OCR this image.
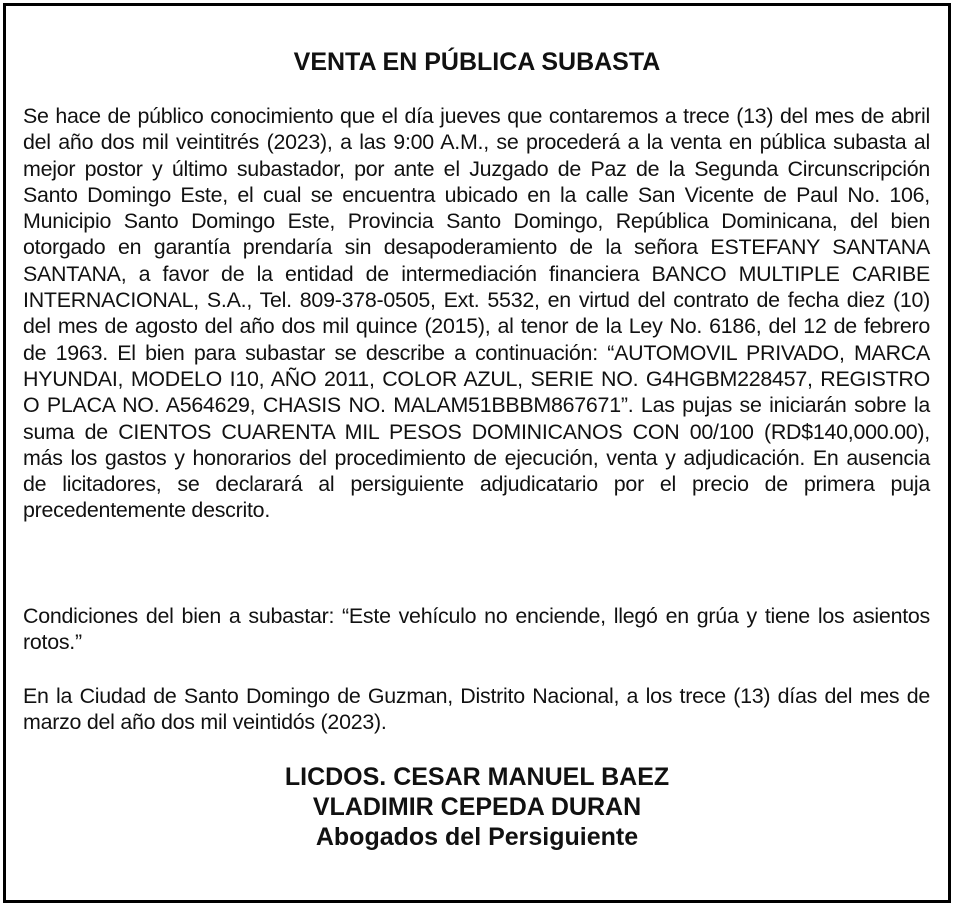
VENTA EN PÚBLICA SUBASTA

Se hace de público conocimiento que el día jueves que contaremos a trece (13) del mes de abril del año dos mil veintitrés (2023), a las 9:00 A.M., se procederá a la venta en pública subasta al mejor postor y último subastador, por ante el Juzgado de Paz de la Segunda Circunscripción Santo Domingo Este, el cual se encuentra ubicado en la calle San Vicente de Paul No. 106, Municipio Santo Domingo Este, Provincia Santo Domingo, República Dominicana, del bien otorgado en garantía prendaría sin desapoderamiento de la señora ESTEFANY SANTANA SANTANA, a favor de la entidad de intermediación financiera BANCO MULTIPLE CARIBE INTERNACIONAL, S.A., Tel. 809-378-0505, Ext. 5532, en virtud del contrato de fecha diez (10) del mes de agosto del año dos mil quince (2015), al tenor de la Ley No. 6186, del 12 de febrero de 1963. El bien para subastar se describe a continuación: “AUTOMOVIL PRIVADO, MARCA HYUNDAI, MODELO I10, AÑO 2011, COLOR AZUL, SERIE NO. G4HGBM228457, REGISTRO O PLACA NO. A564629, CHASIS NO. MALAM51BBBM867671”. Las pujas se iniciarán sobre la suma de CIENTOS CUARENTA MIL PESOS DOMINICANOS CON 00/100 (RD$140,000.00), más los gastos y honorarios del procedimiento de ejecución, venta y adjudicación. En ausencia de licitadores, se declarará al persiguiente adjudicatario por el precio de primera puja precedentemente descrito.

Condiciones del bien a subastar: “Este vehículo no enciende, llegó en grúa y tiene los asientos rotos.”

En la Ciudad de Santo Domingo de Guzman, Distrito Nacional, a los trece (13) días del mes de marzo del año dos mil veintidós (2023).

LICDOS. CESAR MANUEL BAEZ
VLADIMIR CEPEDA DURAN
Abogados del Persiguiente
